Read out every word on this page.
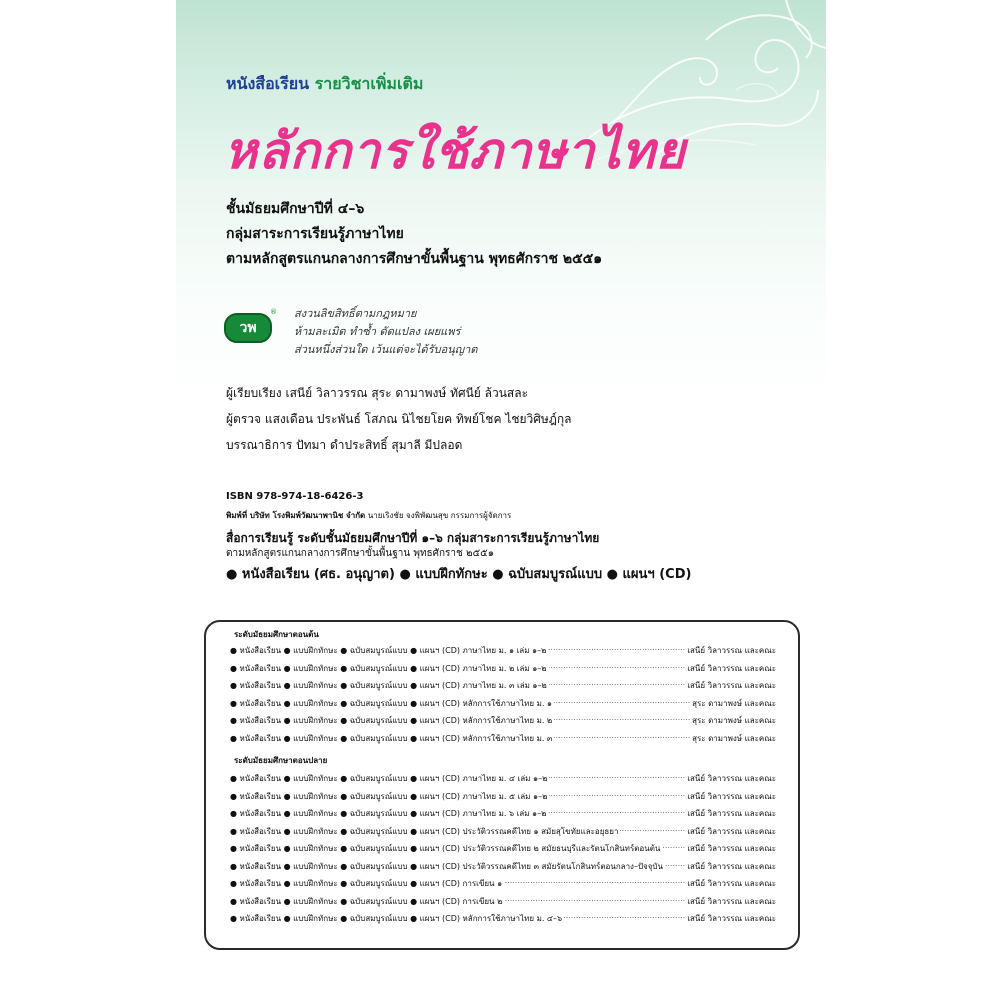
หนังสือเรียน รายวิชาเพิ่มเติม
หลักการใช้ภาษาไทย
ชั้นมัธยมศึกษาปีที่ ๔–๖
กลุ่มสาระการเรียนรู้ภาษาไทย
ตามหลักสูตรแกนกลางการศึกษาขั้นพื้นฐาน พุทธศักราช ๒๕๕๑
วพ
® สงวนลิขสิทธิ์ตามกฎหมาย
ห้ามละเมิด ทำซ้ำ ดัดแปลง เผยแพร่
ส่วนหนึ่งส่วนใด เว้นแต่จะได้รับอนุญาต
ผู้เรียบเรียง เสนีย์ วิลาวรรณ สุระ ดามาพงษ์ ทัศนีย์ ล้วนสละ
ผู้ตรวจ แสงเดือน ประพันธ์ โสภณ นิไชยโยค ทิพย์โชค ไชยวิศิษฎ์กุล
บรรณาธิการ ปัทมา ดำประสิทธิ์ สุมาลี มีปลอด
ISBN 978-974-18-6426-3
พิมพ์ที่ บริษัท โรงพิมพ์วัฒนาพานิช จำกัด นายเริงชัย จงพิพัฒนสุข กรรมการผู้จัดการ
สื่อการเรียนรู้ ระดับชั้นมัธยมศึกษาปีที่ ๑–๖ กลุ่มสาระการเรียนรู้ภาษาไทย
ตามหลักสูตรแกนกลางการศึกษาขั้นพื้นฐาน พุทธศักราช ๒๕๕๑
● หนังสือเรียน (ศธ. อนุญาต) ● แบบฝึกทักษะ ● ฉบับสมบูรณ์แบบ ● แผนฯ (CD)
ระดับมัธยมศึกษาตอนต้น
● หนังสือเรียน ● แบบฝึกทักษะ ● ฉบับสมบูรณ์แบบ ● แผนฯ (CD) ภาษาไทย ม. ๑ เล่ม ๑–๒	เสนีย์ วิลาวรรณ และคณะ
● หนังสือเรียน ● แบบฝึกทักษะ ● ฉบับสมบูรณ์แบบ ● แผนฯ (CD) ภาษาไทย ม. ๒ เล่ม ๑–๒	เสนีย์ วิลาวรรณ และคณะ
● หนังสือเรียน ● แบบฝึกทักษะ ● ฉบับสมบูรณ์แบบ ● แผนฯ (CD) ภาษาไทย ม. ๓ เล่ม ๑–๒	เสนีย์ วิลาวรรณ และคณะ
● หนังสือเรียน ● แบบฝึกทักษะ ● ฉบับสมบูรณ์แบบ ● แผนฯ (CD) หลักการใช้ภาษาไทย ม. ๑	สุระ ดามาพงษ์ และคณะ
● หนังสือเรียน ● แบบฝึกทักษะ ● ฉบับสมบูรณ์แบบ ● แผนฯ (CD) หลักการใช้ภาษาไทย ม. ๒	สุระ ดามาพงษ์ และคณะ
● หนังสือเรียน ● แบบฝึกทักษะ ● ฉบับสมบูรณ์แบบ ● แผนฯ (CD) หลักการใช้ภาษาไทย ม. ๓	สุระ ดามาพงษ์ และคณะ
ระดับมัธยมศึกษาตอนปลาย
● หนังสือเรียน ● แบบฝึกทักษะ ● ฉบับสมบูรณ์แบบ ● แผนฯ (CD) ภาษาไทย ม. ๔ เล่ม ๑–๒	เสนีย์ วิลาวรรณ และคณะ
● หนังสือเรียน ● แบบฝึกทักษะ ● ฉบับสมบูรณ์แบบ ● แผนฯ (CD) ภาษาไทย ม. ๕ เล่ม ๑–๒	เสนีย์ วิลาวรรณ และคณะ
● หนังสือเรียน ● แบบฝึกทักษะ ● ฉบับสมบูรณ์แบบ ● แผนฯ (CD) ภาษาไทย ม. ๖ เล่ม ๑–๒	เสนีย์ วิลาวรรณ และคณะ
● หนังสือเรียน ● แบบฝึกทักษะ ● ฉบับสมบูรณ์แบบ ● แผนฯ (CD) ประวัติวรรณคดีไทย ๑ สมัยสุโขทัยและอยุธยา	เสนีย์ วิลาวรรณ และคณะ
● หนังสือเรียน ● แบบฝึกทักษะ ● ฉบับสมบูรณ์แบบ ● แผนฯ (CD) ประวัติวรรณคดีไทย ๒ สมัยธนบุรีและรัตนโกสินทร์ตอนต้น	เสนีย์ วิลาวรรณ และคณะ
● หนังสือเรียน ● แบบฝึกทักษะ ● ฉบับสมบูรณ์แบบ ● แผนฯ (CD) ประวัติวรรณคดีไทย ๓ สมัยรัตนโกสินทร์ตอนกลาง–ปัจจุบัน	เสนีย์ วิลาวรรณ และคณะ
● หนังสือเรียน ● แบบฝึกทักษะ ● ฉบับสมบูรณ์แบบ ● แผนฯ (CD) การเขียน ๑	เสนีย์ วิลาวรรณ และคณะ
● หนังสือเรียน ● แบบฝึกทักษะ ● ฉบับสมบูรณ์แบบ ● แผนฯ (CD) การเขียน ๒	เสนีย์ วิลาวรรณ และคณะ
● หนังสือเรียน ● แบบฝึกทักษะ ● ฉบับสมบูรณ์แบบ ● แผนฯ (CD) หลักการใช้ภาษาไทย ม. ๔–๖	เสนีย์ วิลาวรรณ และคณะ
